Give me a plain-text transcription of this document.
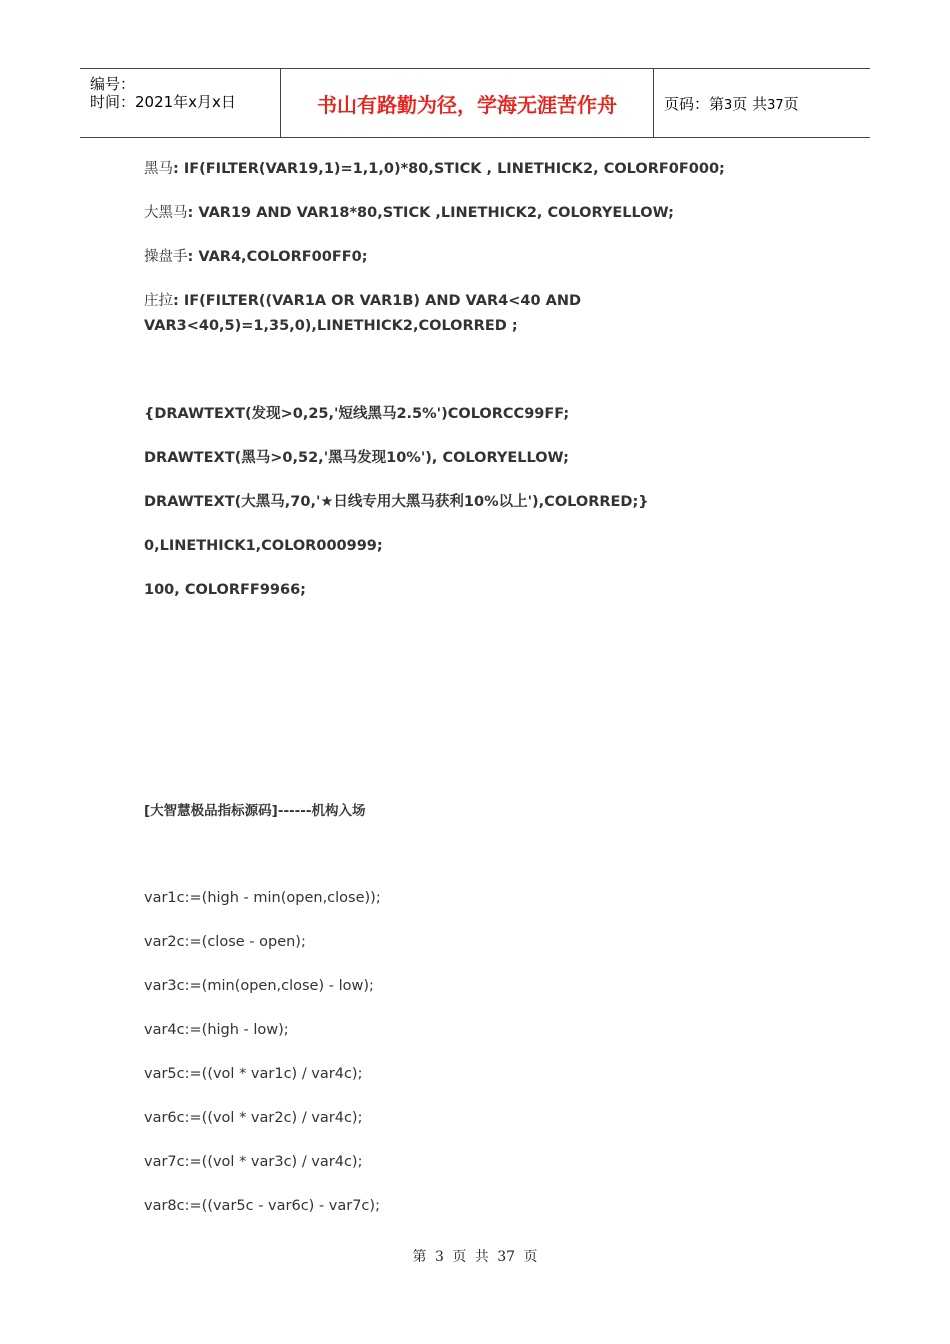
编号：
时间：2021年x月x日	书山有路勤为径，学海无涯苦作舟	页码：第3页 共37页
黑马: IF(FILTER(VAR19,1)=1,1,0)*80,STICK , LINETHICK2, COLORF0F000;
大黑马: VAR19 AND VAR18*80,STICK ,LINETHICK2, COLORYELLOW;
操盘手: VAR4,COLORF00FF0;
庄拉: IF(FILTER((VAR1A OR VAR1B) AND VAR4<40 AND
VAR3<40,5)=1,35,0),LINETHICK2,COLORRED ;
{DRAWTEXT(发现>0,25,'短线黑马2.5%')COLORCC99FF;
DRAWTEXT(黑马>0,52,'黑马发现10%'), COLORYELLOW;
DRAWTEXT(大黑马,70,'★日线专用大黑马获利10%以上'),COLORRED;}
0,LINETHICK1,COLOR000999;
100, COLORFF9966;
[大智慧极品指标源码]------机构入场
var1c:=(high - min(open,close));
var2c:=(close - open);
var3c:=(min(open,close) - low);
var4c:=(high - low);
var5c:=((vol * var1c) / var4c);
var6c:=((vol * var2c) / var4c);
var7c:=((vol * var3c) / var4c);
var8c:=((var5c - var6c) - var7c);
第 3 页 共 37 页
